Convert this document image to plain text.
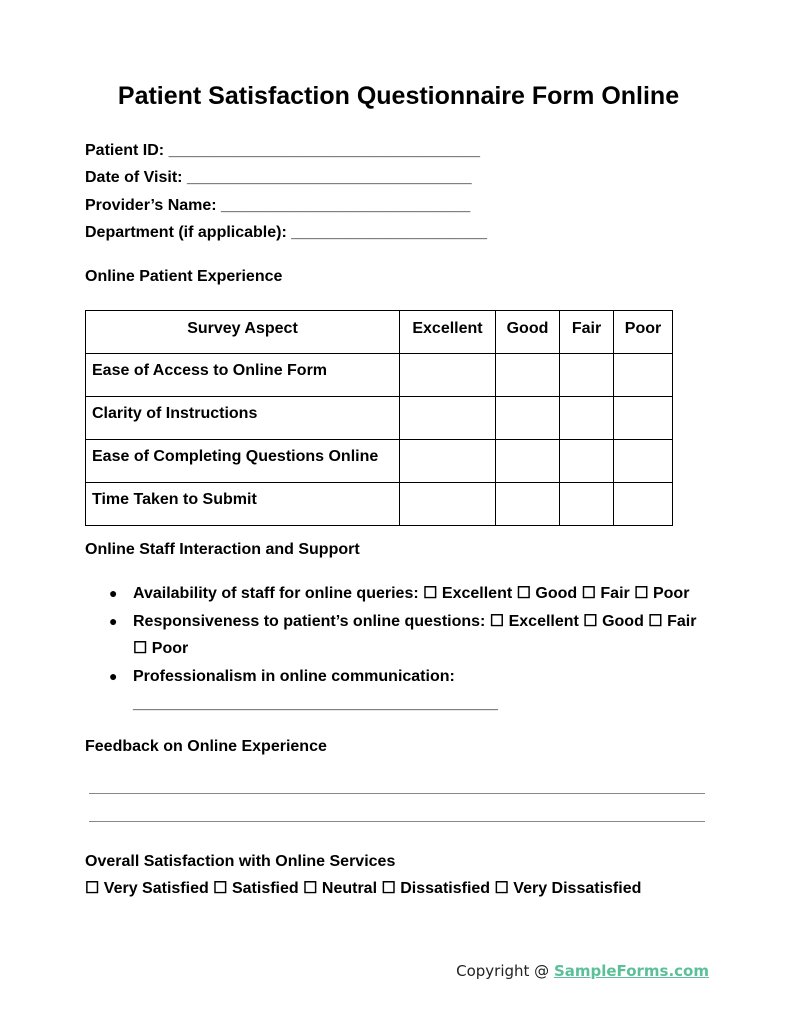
Patient Satisfaction Questionnaire Form Online
Patient ID: ___________________________________
Date of Visit: ________________________________
Provider’s Name: ____________________________
Department (if applicable): ______________________
Online Patient Experience
Survey Aspect	Excellent	Good	Fair	Poor
Ease of Access to Online Form				
Clarity of Instructions				
Ease of Completing Questions Online				
Time Taken to Submit				
Online Staff Interaction and Support
● Availability of staff for online queries: ☐ Excellent ☐ Good ☐ Fair ☐ Poor
● Responsiveness to patient’s online questions: ☐ Excellent ☐ Good ☐ Fair ☐ Poor
● Professionalism in online communication:
_________________________________________
Feedback on Online Experience
Overall Satisfaction with Online Services
☐ Very Satisfied ☐ Satisfied ☐ Neutral ☐ Dissatisfied ☐ Very Dissatisfied
Copyright @ SampleForms.com
